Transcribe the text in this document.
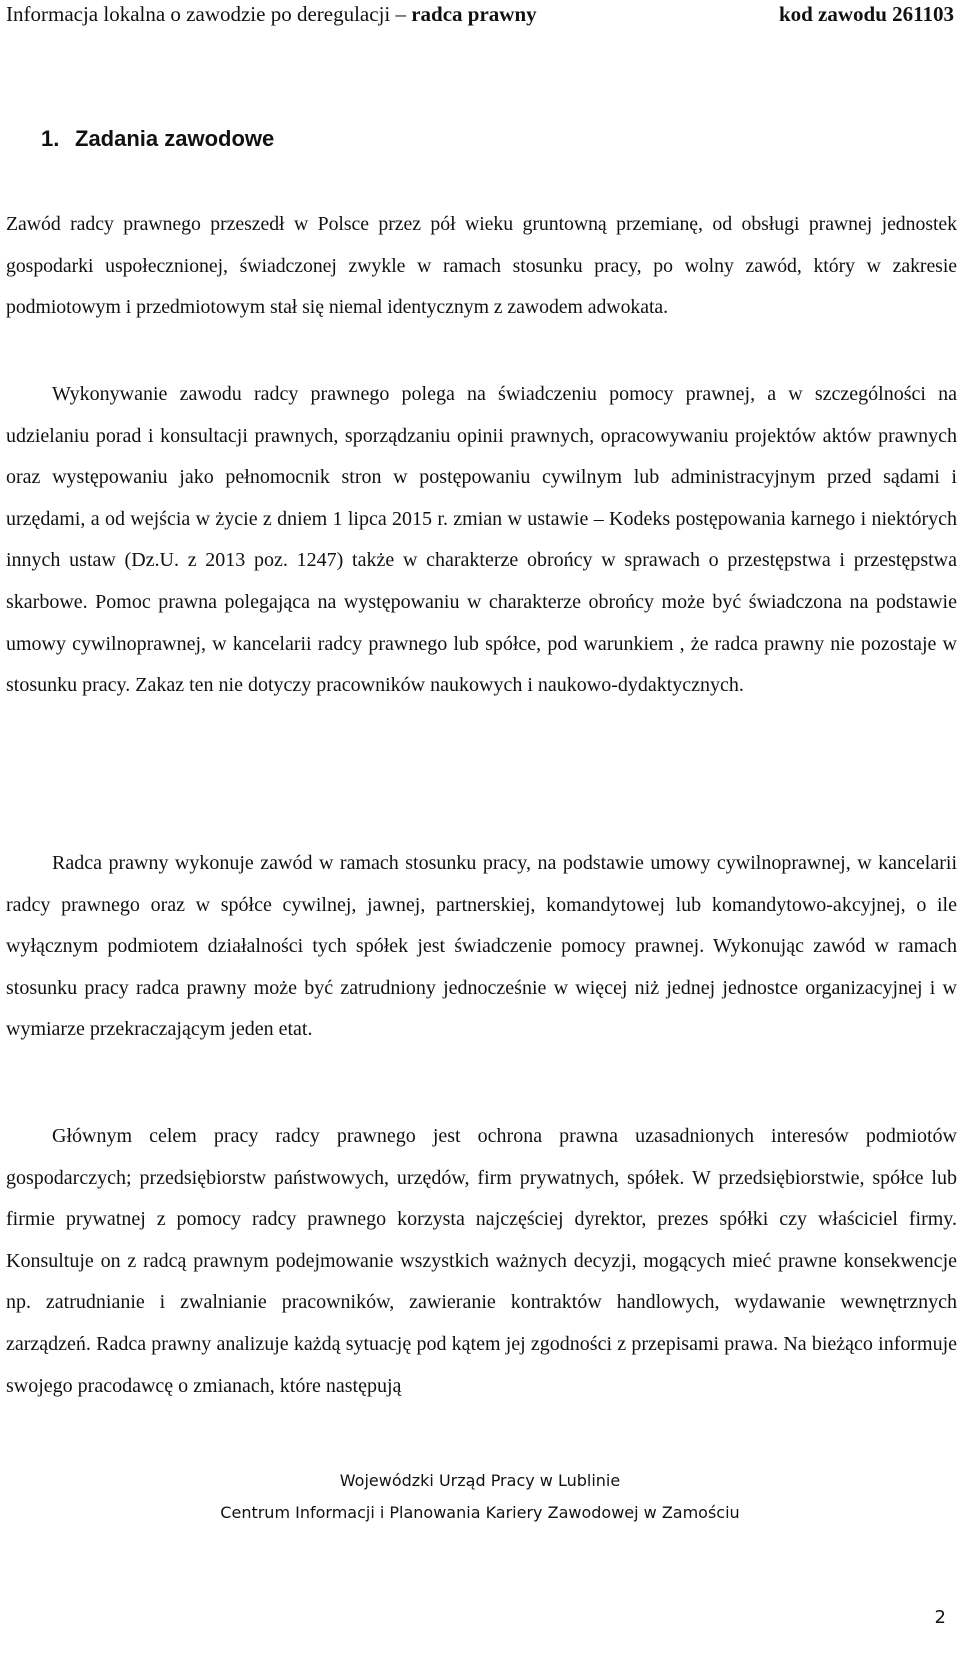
Informacja lokalna o zawodzie po deregulacji – radca prawny	kod zawodu 261103
1. Zadania zawodowe

Zawód radcy prawnego przeszedł w Polsce przez pół wieku gruntowną przemianę, od obsługi prawnej jednostek gospodarki uspołecznionej, świadczonej zwykle w ramach stosunku pracy, po wolny zawód, który w zakresie podmiotowym i przedmiotowym stał się niemal identycznym z zawodem adwokata.

Wykonywanie zawodu radcy prawnego polega na świadczeniu pomocy prawnej, a w szczególności na udzielaniu porad i konsultacji prawnych, sporządzaniu opinii prawnych, opracowywaniu projektów aktów prawnych oraz występowaniu jako pełnomocnik stron w postępowaniu cywilnym lub administracyjnym przed sądami i urzędami, a od wejścia w życie z dniem 1 lipca 2015 r. zmian w ustawie – Kodeks postępowania karnego i niektórych innych ustaw (Dz.U. z 2013 poz. 1247) także w charakterze obrońcy w sprawach o przestępstwa i przestępstwa skarbowe. Pomoc prawna polegająca na występowaniu w charakterze obrońcy może być świadczona na podstawie umowy cywilnoprawnej, w kancelarii radcy prawnego lub spółce, pod warunkiem , że radca prawny nie pozostaje w stosunku pracy. Zakaz ten nie dotyczy pracowników naukowych i naukowo-dydaktycznych.

Radca prawny wykonuje zawód w ramach stosunku pracy, na podstawie umowy cywilnoprawnej, w kancelarii radcy prawnego oraz w spółce cywilnej, jawnej, partnerskiej, komandytowej lub komandytowo-akcyjnej, o ile wyłącznym podmiotem działalności tych spółek jest świadczenie pomocy prawnej. Wykonując zawód w ramach stosunku pracy radca prawny może być zatrudniony jednocześnie w więcej niż jednej jednostce organizacyjnej i w wymiarze przekraczającym jeden etat.

Głównym celem pracy radcy prawnego jest ochrona prawna uzasadnionych interesów podmiotów gospodarczych; przedsiębiorstw państwowych, urzędów, firm prywatnych, spółek. W przedsiębiorstwie, spółce lub firmie prywatnej z pomocy radcy prawnego korzysta najczęściej dyrektor, prezes spółki czy właściciel firmy. Konsultuje on z radcą prawnym podejmowanie wszystkich ważnych decyzji, mogących mieć prawne konsekwencje np. zatrudnianie i zwalnianie pracowników, zawieranie kontraktów handlowych, wydawanie wewnętrznych zarządzeń. Radca prawny analizuje każdą sytuację pod kątem jej zgodności z przepisami prawa. Na bieżąco informuje swojego pracodawcę o zmianach, które następują

Wojewódzki Urząd Pracy w Lublinie
Centrum Informacji i Planowania Kariery Zawodowej w Zamościu
2
